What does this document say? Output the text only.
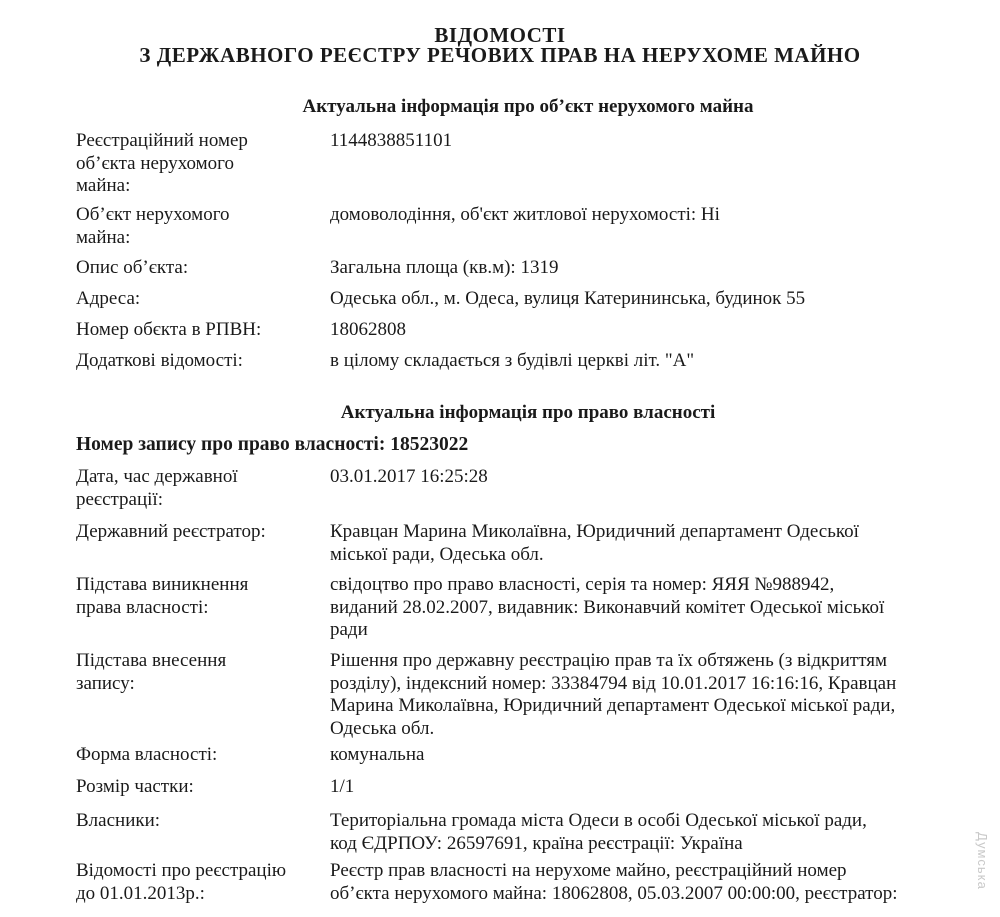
ВІДОМОСТІ
З ДЕРЖАВНОГО РЕЄСТРУ РЕЧОВИХ ПРАВ НА НЕРУХОМЕ МАЙНО
Актуальна інформація про об’єкт нерухомого майна
Реєстраційний номер
об’єкта нерухомого
майна:
1144838851101
Об’єкт нерухомого
майна:
домоволодіння, об'єкт житлової нерухомості: Ні
Опис об’єкта:	Загальна площа (кв.м): 1319
Адреса:	Одеська обл., м. Одеса, вулиця Катерининська, будинок 55
Номер обєкта в РПВН:	18062808
Додаткові відомості:	в цілому складається з будівлі церкві літ. "А"
Актуальна інформація про право власності
Номер запису про право власності: 18523022
Дата, час державної
реєстрації:
03.01.2017 16:25:28
Державний реєстратор:	Кравцан Марина Миколаївна, Юридичний департамент Одеської
міської ради, Одеська обл.
Підстава виникнення
права власності:
свідоцтво про право власності, серія та номер: ЯЯЯ №988942,
виданий 28.02.2007, видавник: Виконавчий комітет Одеської міської
ради
Підстава внесення
запису:
Рішення про державну реєстрацію прав та їх обтяжень (з відкриттям
розділу), індексний номер: 33384794 від 10.01.2017 16:16:16, Кравцан
Марина Миколаївна, Юридичний департамент Одеської міської ради,
Одеська обл.
Форма власності:	комунальна
Розмір частки:	1/1
Власники:	Територіальна громада міста Одеси в особі Одеської міської ради,
код ЄДРПОУ: 26597691, країна реєстрації: Україна
Відомості про реєстрацію
до 01.01.2013р.:
Реєстр прав власності на нерухоме майно, реєстраційний номер
об’єкта нерухомого майна: 18062808, 05.03.2007 00:00:00, реєстратор:
Думська
